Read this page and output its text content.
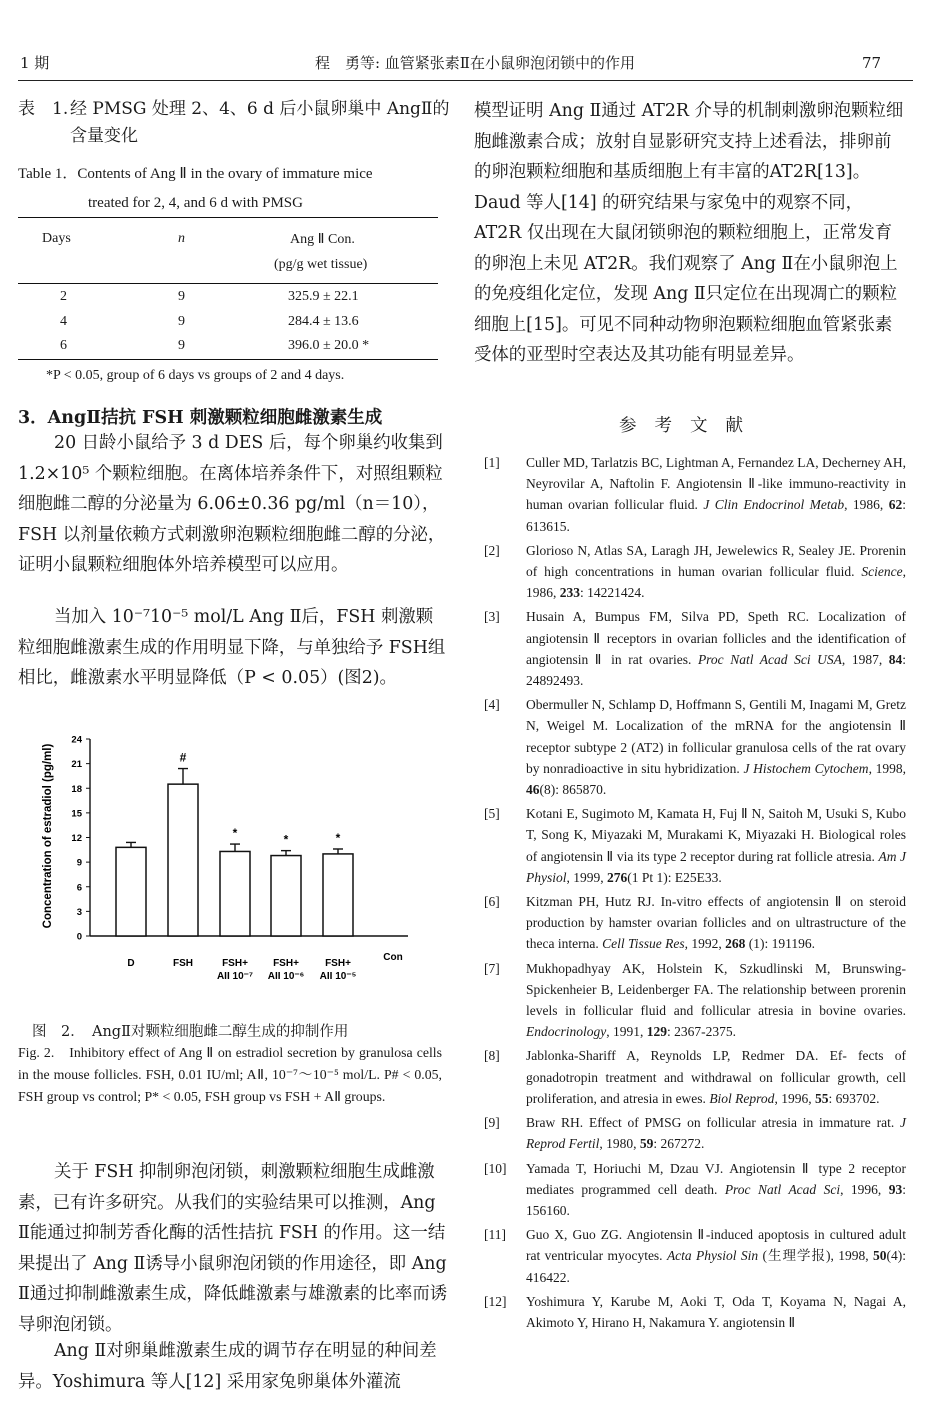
1 期	程　勇等: 血管紧张素Ⅱ在小鼠卵泡闭锁中的作用	77
表　1. 经 PMSG 处理 2、4、6 d 后小鼠卵巢中 AngⅡ的含量变化
Table 1．Contents of Ang Ⅱ in the ovary of immature mice
treated for 2, 4, and 6 d with PMSG
Days	n	Ang Ⅱ Con.
(pg/g wet tissue)
2	9	325.9 ± 22.1
4	9	284.4 ± 13.6
6	9	396.0 ± 20.0 *
*P < 0.05, group of 6 days vs groups of 2 and 4 days.
3．AngⅡ拮抗 FSH 刺激颗粒细胞雌激素生成
20 日龄小鼠给予 3 d DES 后，每个卵巢约收集到 1.2×10⁵ 个颗粒细胞。在离体培养条件下，对照组颗粒细胞雌二醇的分泌量为 6.06±0.36 pg/ml（n＝10），FSH 以剂量依赖方式刺激卵泡颗粒细胞雌二醇的分泌，证明小鼠颗粒细胞体外培养模型可以应用。
当加入 10⁻⁷10⁻⁵ mol/L Ang Ⅱ后，FSH 刺激颗粒细胞雌激素生成的作用明显下降，与单独给予 FSH组相比，雌激素水平明显降低（P < 0.05）(图2)。
Concentration of estradiol (pg/ml)
0
3
6
9
12
15
18
21
24
#
*	*	*
D	FSH	FSH+
AII 10⁻⁷
FSH+
AII 10⁻⁶
FSH+
AII 10⁻⁵
Con
图　2．　AngⅡ对颗粒细胞雌二醇生成的抑制作用
Fig. 2.　Inhibitory effect of Ang Ⅱ on estradiol secretion by granulosa cells in the mouse follicles. FSH, 0.01 IU/ml; AⅡ, 10⁻⁷～10⁻⁵ mol/L. P# < 0.05, FSH group vs control; P* < 0.05, FSH group vs FSH + AⅡ groups.
关于 FSH 抑制卵泡闭锁，刺激颗粒细胞生成雌激素，已有许多研究。从我们的实验结果可以推测，Ang Ⅱ能通过抑制芳香化酶的活性拮抗 FSH 的作用。这一结果提出了 Ang Ⅱ诱导小鼠卵泡闭锁的作用途径，即 Ang Ⅱ通过抑制雌激素生成，降低雌激素与雄激素的比率而诱导卵泡闭锁。
Ang Ⅱ对卵巢雌激素生成的调节存在明显的种间差异。Yoshimura 等人[12] 采用家兔卵巢体外灌流
模型证明 Ang Ⅱ通过 AT2R 介导的机制刺激卵泡颗粒细胞雌激素合成；放射自显影研究支持上述看法，排卵前的卵泡颗粒细胞和基质细胞上有丰富的AT2R[13]。Daud 等人[14] 的研究结果与家兔中的观察不同，AT2R 仅出现在大鼠闭锁卵泡的颗粒细胞上，正常发育的卵泡上未见 AT2R。我们观察了 Ang Ⅱ在小鼠卵泡上的免疫组化定位，发现 Ang Ⅱ只定位在出现凋亡的颗粒细胞上[15]。可见不同种动物卵泡颗粒细胞血管紧张素受体的亚型时空表达及其功能有明显差异。
参考文献
[1] Culler MD, Tarlatzis BC, Lightman A, Fernandez LA, Decherney AH, Neyrovilar A, Naftolin F. Angiotensin Ⅱ-like immuno-reactivity in human ovarian follicular fluid. J Clin Endocrinol Metab, 1986, 62: 613615.
[2] Glorioso N, Atlas SA, Laragh JH, Jewelewics R, Sealey JE. Prorenin of high concentrations in human ovarian follicular fluid. Science, 1986, 233: 14221424.
[3] Husain A, Bumpus FM, Silva PD, Speth RC. Localization of angiotensin Ⅱ receptors in ovarian follicles and the identification of angiotensin Ⅱ in rat ovaries. Proc Natl Acad Sci USA, 1987, 84: 24892493.
[4] Obermuller N, Schlamp D, Hoffmann S, Gentili M, Inagami M, Gretz N, Weigel M. Localization of the mRNA for the angiotensin Ⅱ receptor subtype 2 (AT2) in follicular granulosa cells of the rat ovary by nonradioactive in situ hybridization. J Histochem Cytochem, 1998, 46(8): 865870.
[5] Kotani E, Sugimoto M, Kamata H, Fuj Ⅱ N, Saitoh M, Usuki S, Kubo T, Song K, Miyazaki M, Murakami K, Miyazaki H. Biological roles of angiotensin Ⅱ via its type 2 receptor during rat follicle atresia. Am J Physiol, 1999, 276(1 Pt 1): E25E33.
[6] Kitzman PH, Hutz RJ. In-vitro effects of angiotensin Ⅱ on steroid production by hamster ovarian follicles and on ultrastructure of the theca interna. Cell Tissue Res, 1992, 268 (1): 191196.
[7] Mukhopadhyay AK, Holstein K, Szkudlinski M, Brunswing-Spickenheier B, Leidenberger FA. The relationship between prorenin levels in follicular fluid and follicular atresia in bovine ovaries. Endocrinology, 1991, 129: 2367-2375.
[8] Jablonka-Shariff A, Reynolds LP, Redmer DA. Ef- fects of gonadotropin treatment and withdrawal on follicular growth, cell proliferation, and atresia in ewes. Biol Reprod, 1996, 55: 693702.
[9] Braw RH. Effect of PMSG on follicular atresia in immature rat. J Reprod Fertil, 1980, 59: 267272.
[10] Yamada T, Horiuchi M, Dzau VJ. Angiotensin Ⅱ type 2 receptor mediates programmed cell death. Proc Natl Acad Sci, 1996, 93: 156160.
[11] Guo X, Guo ZG. Angiotensin Ⅱ-induced apoptosis in cultured adult rat ventricular myocytes. Acta Physiol Sin (生理学报), 1998, 50(4): 416422.
[12] Yoshimura Y, Karube M, Aoki T, Oda T, Koyama N, Nagai A, Akimoto Y, Hirano H, Nakamura Y. angiotensin Ⅱ
